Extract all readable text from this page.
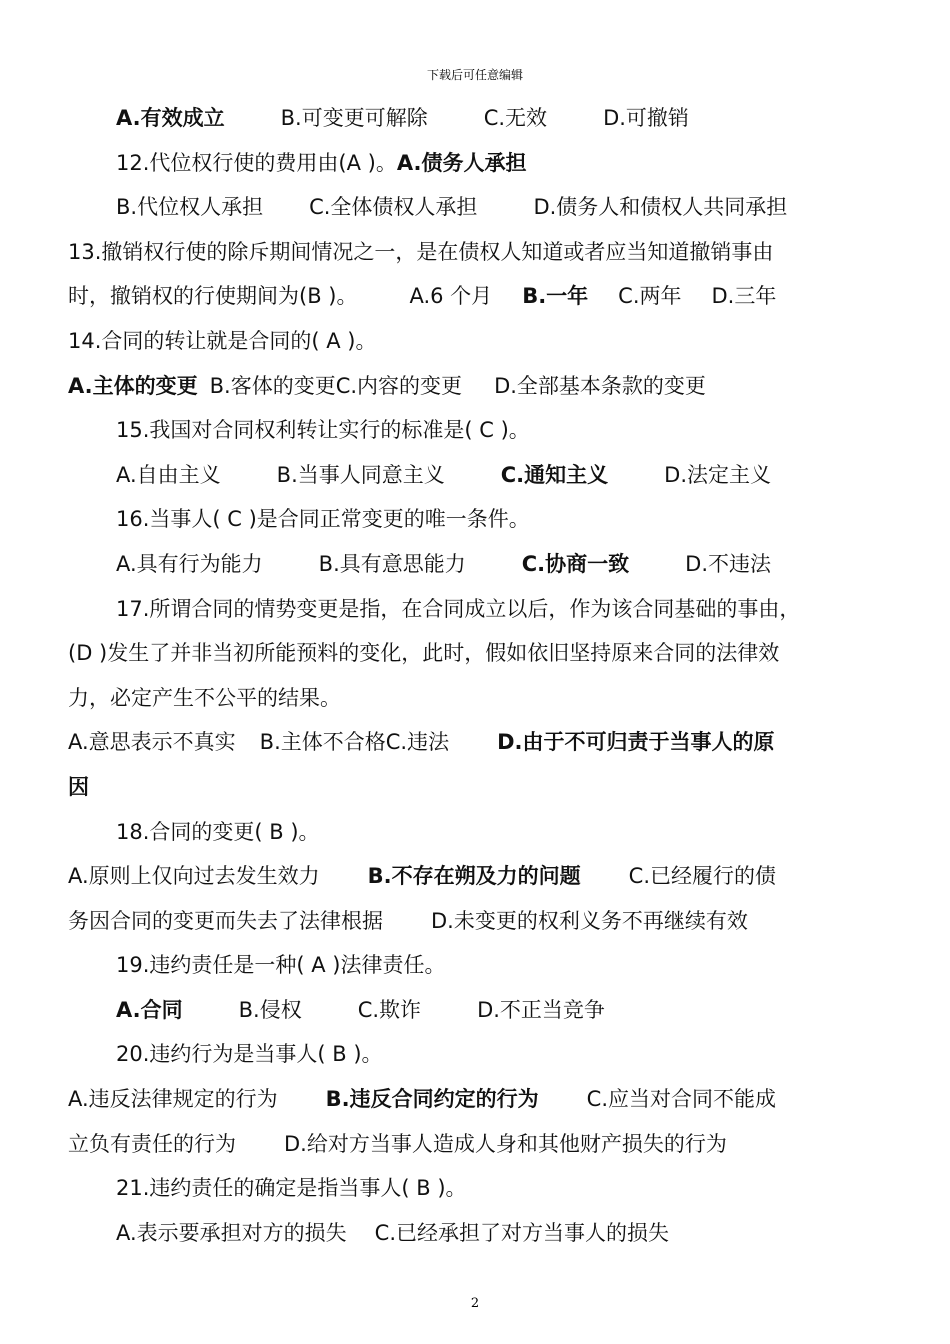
下载后可任意编辑
A.有效成立	B.可变更可解除	C.无效	D.可撤销
12.代位权行使的费用由(A )。A.债务人承担
B.代位权人承担 C.全体债权人承担	D.债务人和债权人共同承担
13.撤销权行使的除斥期间情况之一，是在债权人知道或者应当知道撤销事由
时，撤销权的行使期间为(B )。 A.6 个月 B.一年 C.两年 D.三年
14.合同的转让就是合同的( A )。
A.主体的变更 B.客体的变更C.内容的变更 D.全部基本条款的变更
15.我国对合同权利转让实行的标准是( C )。
A.自由主义	B.当事人同意主义	C.通知主义	D.法定主义
16.当事人( C )是合同正常变更的唯一条件。
A.具有行为能力	B.具有意思能力	C.协商一致	D.不违法
17.所谓合同的情势变更是指，在合同成立以后，作为该合同基础的事由，
(D )发生了并非当初所能预料的变化，此时，假如依旧坚持原来合同的法律效
力，必定产生不公平的结果。
A.意思表示不真实 B.主体不合格C.违法 D.由于不可归责于当事人的原
因
18.合同的变更( B )。
A.原则上仅向过去发生效力 B.不存在朔及力的问题 C.已经履行的债
务因合同的变更而失去了法律根据 D.未变更的权利义务不再继续有效
19.违约责任是一种( A )法律责任。
A.合同	B.侵权	C.欺诈	D.不正当竞争
20.违约行为是当事人( B )。
A.违反法律规定的行为 B.违反合同约定的行为 C.应当对合同不能成
立负有责任的行为 D.给对方当事人造成人身和其他财产损失的行为
21.违约责任的确定是指当事人( B )。
A.表示要承担对方的损失 C.已经承担了对方当事人的损失
2
